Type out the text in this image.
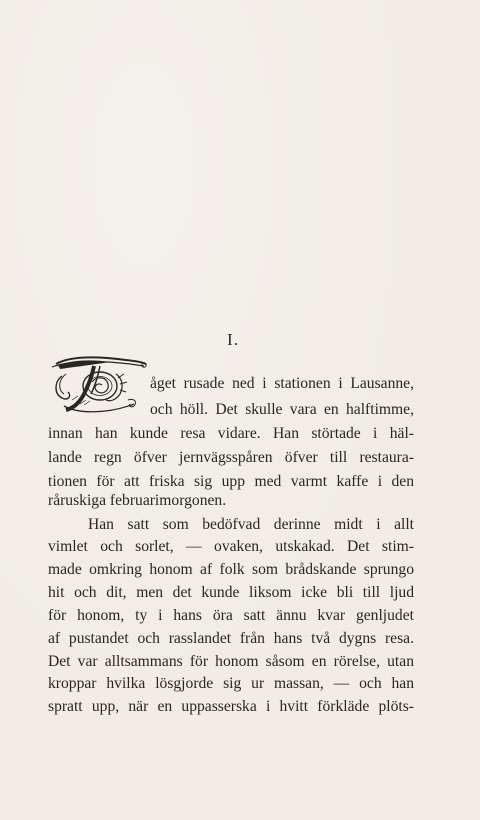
I.
åget rusade ned i stationen i Lausanne,
och höll. Det skulle vara en halftimme,
innan han kunde resa vidare. Han störtade i häl-
lande regn öfver jernvägsspåren öfver till restaura-
tionen för att friska sig upp med varmt kaffe i den
råruskiga februarimorgonen.
Han satt som bedöfvad derinne midt i allt
vimlet och sorlet, — ovaken, utskakad. Det stim-
made omkring honom af folk som brådskande sprungo
hit och dit, men det kunde liksom icke bli till ljud
för honom, ty i hans öra satt ännu kvar genljudet
af pustandet och rasslandet från hans två dygns resa.
Det var alltsammans för honom såsom en rörelse, utan
kroppar hvilka lösgjorde sig ur massan, — och han
spratt upp, när en uppasserska i hvitt förkläde plöts-
